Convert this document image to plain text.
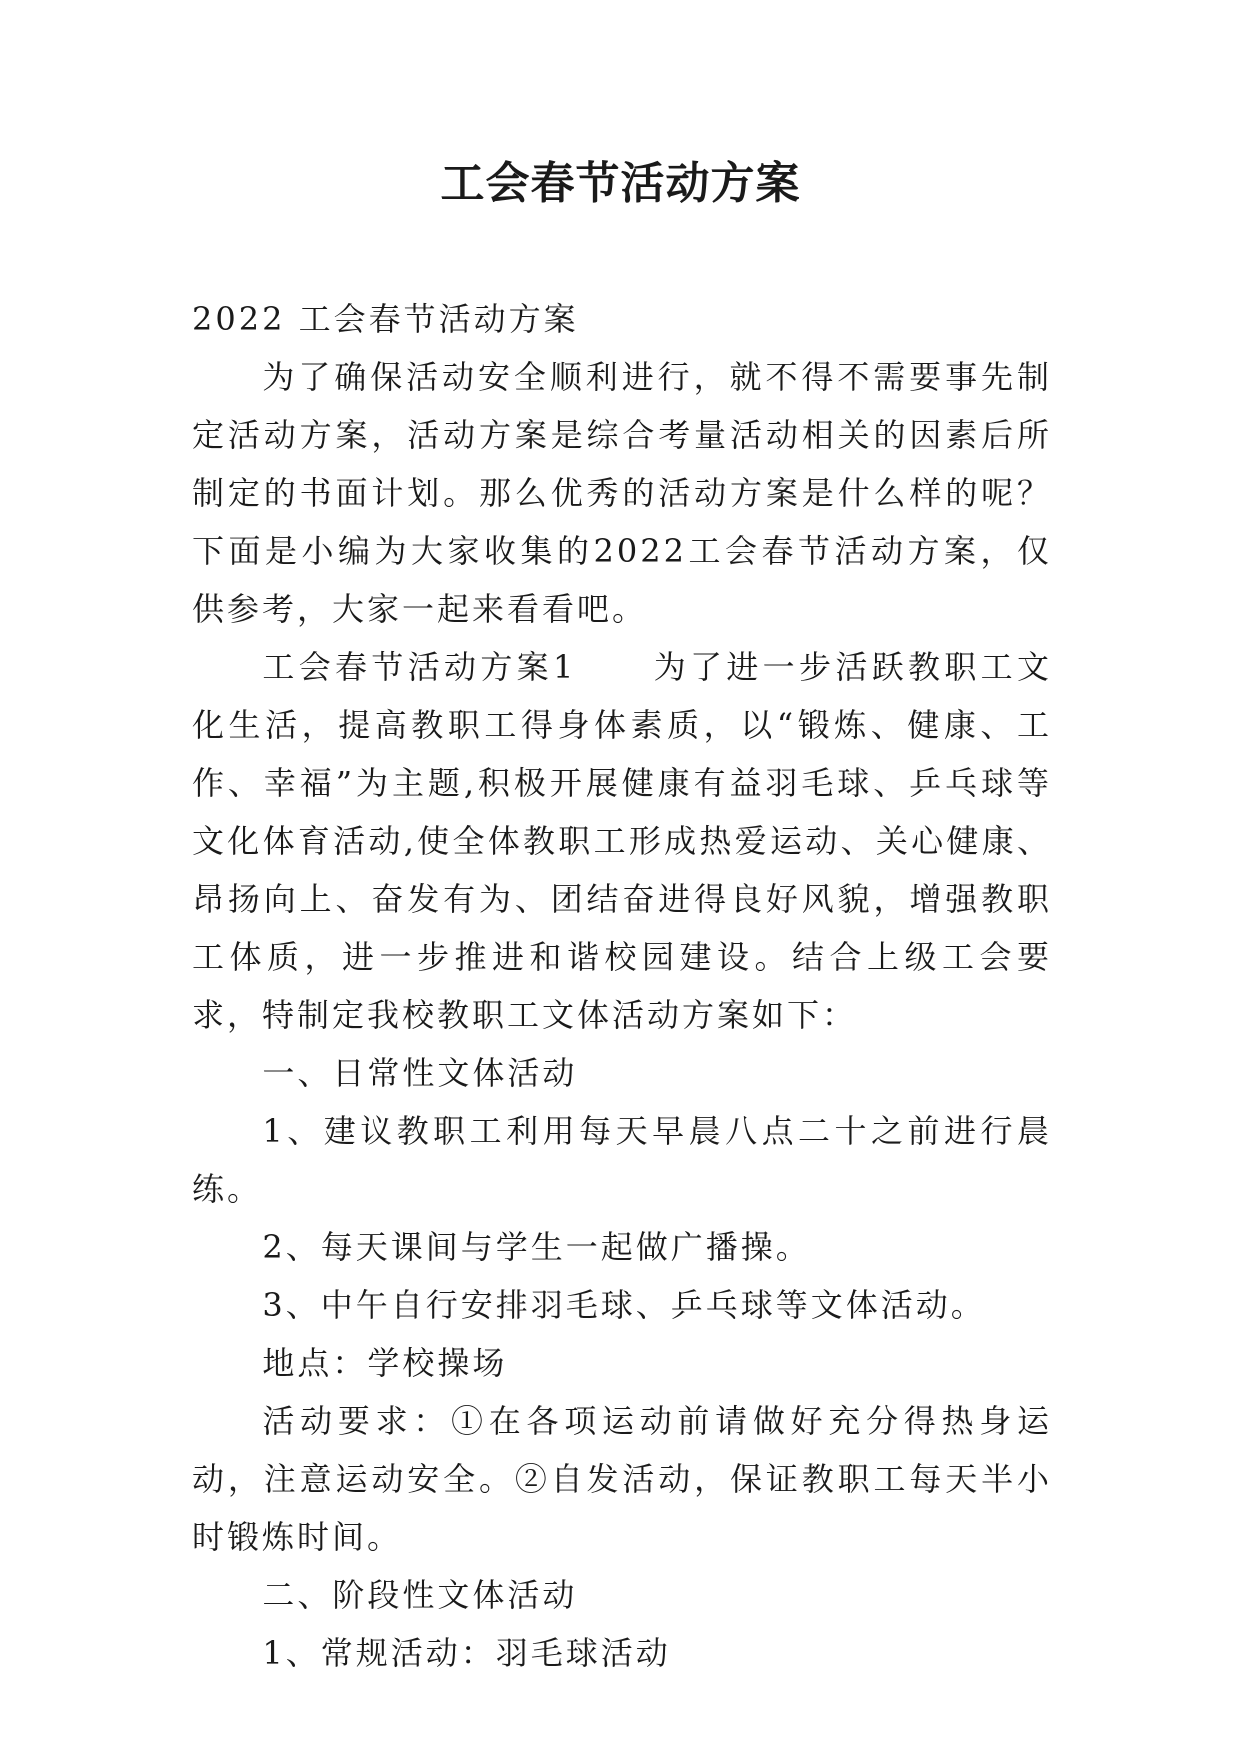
工会春节活动方案

2022 工会春节活动方案

为了确保活动安全顺利进行，就不得不需要事先制定活动方案，活动方案是综合考量活动相关的因素后所制定的书面计划。那么优秀的活动方案是什么样的呢？下面是小编为大家收集的2022工会春节活动方案，仅供参考，大家一起来看看吧。

工会春节活动方案1 为了进一步活跃教职工文化生活，提高教职工得身体素质，以“锻炼、健康、工作、幸福”为主题,积极开展健康有益羽毛球、乒乓球等文化体育活动,使全体教职工形成热爱运动、关心健康、昂扬向上、奋发有为、团结奋进得良好风貌，增强教职工体质，进一步推进和谐校园建设。结合上级工会要求，特制定我校教职工文体活动方案如下：

一、日常性文体活动

1、建议教职工利用每天早晨八点二十之前进行晨练。

2、每天课间与学生一起做广播操。

3、中午自行安排羽毛球、乒乓球等文体活动。

地点：学校操场

活动要求：①在各项运动前请做好充分得热身运动，注意运动安全。②自发活动，保证教职工每天半小时锻炼时间。

二、阶段性文体活动

1、常规活动：羽毛球活动
